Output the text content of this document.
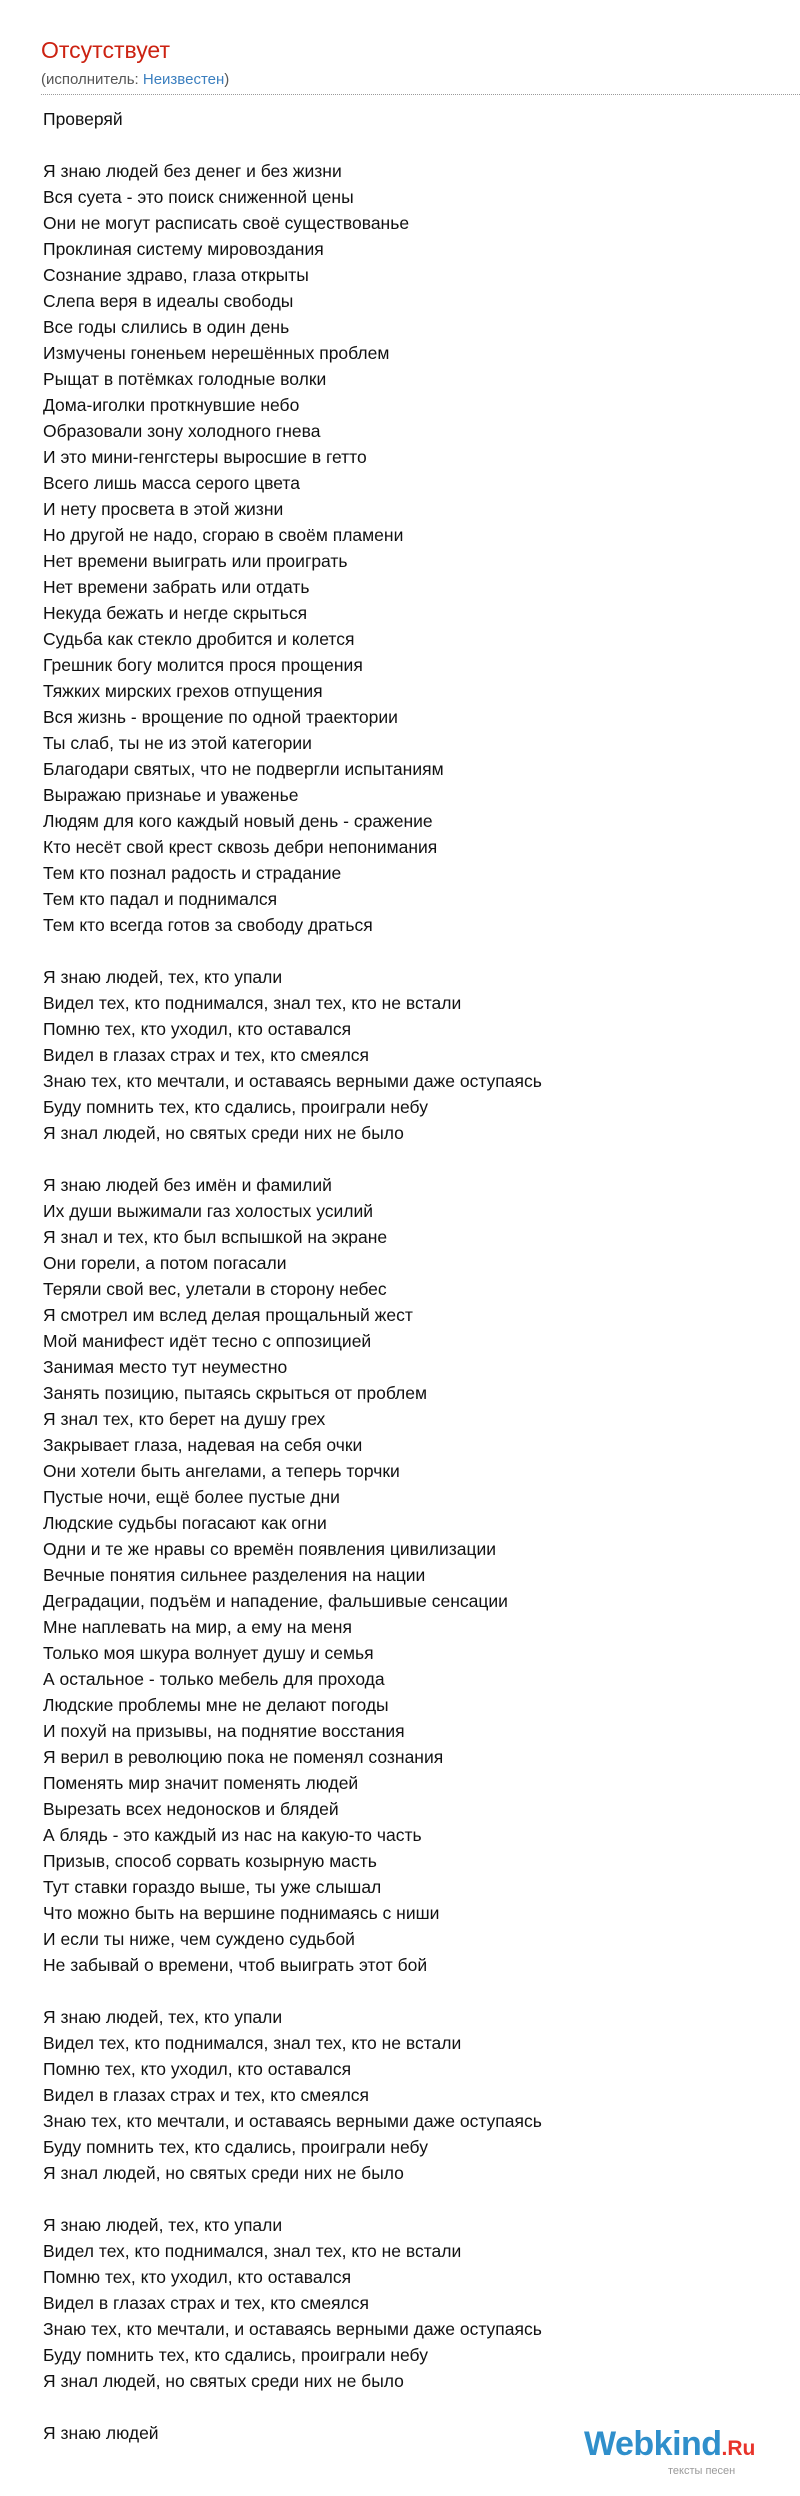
Отсутствует
(исполнитель: Неизвестен)
Проверяй
Я знаю людей без денег и без жизни
Вся суета - это поиск сниженной цены
Они не могут расписать своё существованье
Проклиная систему мировоздания
Сознание здраво, глаза открыты
Слепа веря в идеалы свободы
Все годы слились в один день
Измучены гоненьем нерешённых проблем
Рыщат в потёмках голодные волки
Дома-иголки проткнувшие небо
Образовали зону холодного гнева
И это мини-генгстеры выросшие в гетто
Всего лишь масса серого цвета
И нету просвета в этой жизни
Но другой не надо, сгораю в своём пламени
Нет времени выиграть или проиграть
Нет времени забрать или отдать
Некуда бежать и негде скрыться
Судьба как стекло дробится и колется
Грешник богу молится прося прощения
Тяжких мирских грехов отпущения
Вся жизнь - врощение по одной траектории
Ты слаб, ты не из этой категории
Благодари святых, что не подвергли испытаниям
Выражаю признаье и уваженье
Людям для кого каждый новый день - сражение
Кто несёт свой крест сквозь дебри непонимания
Тем кто познал радость и страдание
Тем кто падал и поднимался
Тем кто всегда готов за свободу драться
Я знаю людей, тех, кто упали
Видел тех, кто поднимался, знал тех, кто не встали
Помню тех, кто уходил, кто оставался
Видел в глазах страх и тех, кто смеялся
Знаю тех, кто мечтали, и оставаясь верными даже оступаясь
Буду помнить тех, кто сдались, проиграли небу
Я знал людей, но святых среди них не было
Я знаю людей без имён и фамилий
Их души выжимали газ холостых усилий
Я знал и тех, кто был вспышкой на экране
Они горели, а потом погасали
Теряли свой вес, улетали в сторону небес
Я смотрел им вслед делая прощальный жест
Мой манифест идёт тесно с оппозицией
Занимая место тут неуместно
Занять позицию, пытаясь скрыться от проблем
Я знал тех, кто берет на душу грех
Закрывает глаза, надевая на себя очки
Они хотели быть ангелами, а теперь торчки
Пустые ночи, ещё более пустые дни
Людские судьбы погасают как огни
Одни и те же нравы со времён появления цивилизации
Вечные понятия сильнее разделения на нации
Деградации, подъём и нападение, фальшивые сенсации
Мне наплевать на мир, а ему на меня
Только моя шкура волнует душу и семья
А остальное - только мебель для прохода
Людские проблемы мне не делают погоды
И похуй на призывы, на поднятие восстания
Я верил в революцию пока не поменял сознания
Поменять мир значит поменять людей
Вырезать всех недоносков и блядей
А блядь - это каждый из нас на какую-то часть
Призыв, способ сорвать козырную масть
Тут ставки гораздо выше, ты уже слышал
Что можно быть на вершине поднимаясь с ниши
И если ты ниже, чем суждено судьбой
Не забывай о времени, чтоб выиграть этот бой
Я знаю людей, тех, кто упали
Видел тех, кто поднимался, знал тех, кто не встали
Помню тех, кто уходил, кто оставался
Видел в глазах страх и тех, кто смеялся
Знаю тех, кто мечтали, и оставаясь верными даже оступаясь
Буду помнить тех, кто сдались, проиграли небу
Я знал людей, но святых среди них не было
Я знаю людей, тех, кто упали
Видел тех, кто поднимался, знал тех, кто не встали
Помню тех, кто уходил, кто оставался
Видел в глазах страх и тех, кто смеялся
Знаю тех, кто мечтали, и оставаясь верными даже оступаясь
Буду помнить тех, кто сдались, проиграли небу
Я знал людей, но святых среди них не было
Я знаю людей	Webkind.Ru
тексты песен
